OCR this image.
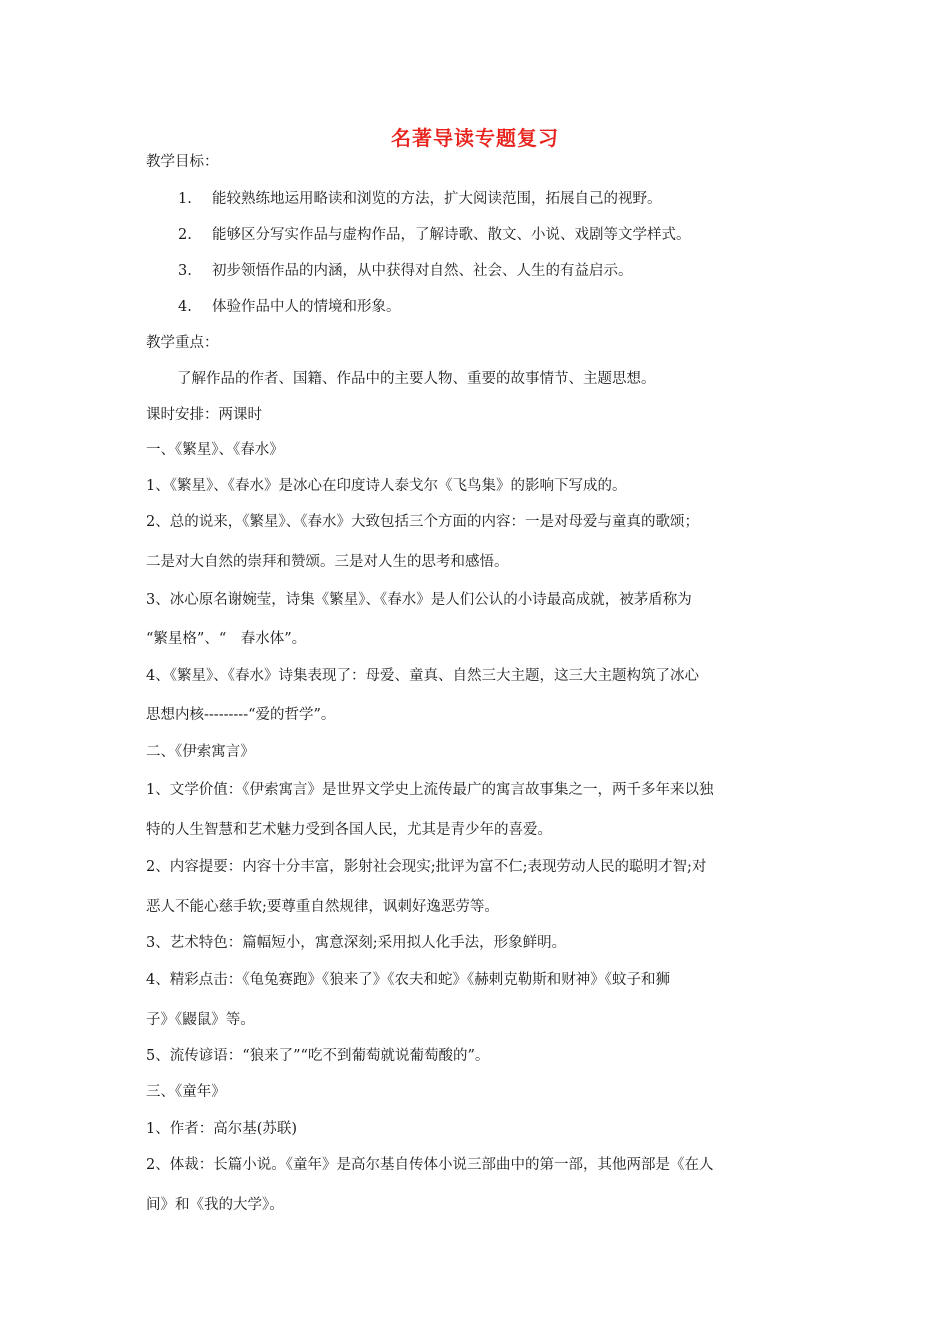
名著导读专题复习
教学目标：
1. 能较熟练地运用略读和浏览的方法，扩大阅读范围，拓展自己的视野。
2. 能够区分写实作品与虚构作品，了解诗歌、散文、小说、戏剧等文学样式。
3. 初步领悟作品的内涵，从中获得对自然、社会、人生的有益启示。
4. 体验作品中人的情境和形象。
教学重点：
了解作品的作者、国籍、作品中的主要人物、重要的故事情节、主题思想。
课时安排：两课时
一、《繁星》、《春水》
1、《繁星》、《春水》是冰心在印度诗人泰戈尔《飞鸟集》的影响下写成的。
2、总的说来，《繁星》、《春水》大致包括三个方面的内容：一是对母爱与童真的歌颂；
二是对大自然的崇拜和赞颂。三是对人生的思考和感悟。
3、冰心原名谢婉莹，诗集《繁星》、《春水》是人们公认的小诗最高成就，被茅盾称为
“繁星格”、“　春水体”。
4、《繁星》、《春水》诗集表现了：母爱、童真、自然三大主题，这三大主题构筑了冰心
思想内核---------“爱的哲学”。
二、《伊索寓言》
1、文学价值：《伊索寓言》是世界文学史上流传最广的寓言故事集之一，两千多年来以独
特的人生智慧和艺术魅力受到各国人民，尤其是青少年的喜爱。
2、内容提要：内容十分丰富，影射社会现实;批评为富不仁;表现劳动人民的聪明才智;对
恶人不能心慈手软;要尊重自然规律，讽刺好逸恶劳等。
3、艺术特色：篇幅短小，寓意深刻;采用拟人化手法，形象鲜明。
4、精彩点击：《龟兔赛跑》《狼来了》《农夫和蛇》《赫剌克勒斯和财神》《蚊子和狮
子》《鼹鼠》等。
5、流传谚语：“狼来了”“吃不到葡萄就说葡萄酸的”。
三、《童年》
1、作者：高尔基(苏联)
2、体裁：长篇小说。《童年》是高尔基自传体小说三部曲中的第一部，其他两部是《在人
间》和《我的大学》。
